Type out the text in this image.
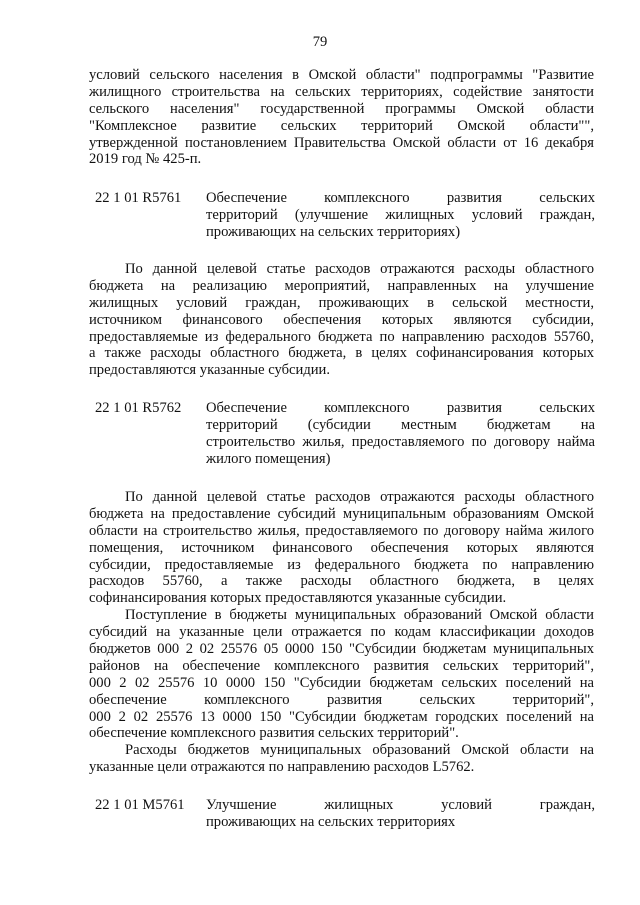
79
условий сельского населения в Омской области" подпрограммы "Развитие
жилищного строительства на сельских территориях, содействие занятости
сельского населения" государственной программы Омской области
"Комплексное развитие сельских территорий Омской области"",
утвержденной постановлением Правительства Омской области от 16 декабря
2019 год № 425-п.
22 1 01 R5761 Обеспечение комплексного развития сельских
территорий (улучшение жилищных условий граждан,
проживающих на сельских территориях)
По данной целевой статье расходов отражаются расходы областного
бюджета на реализацию мероприятий, направленных на улучшение
жилищных условий граждан, проживающих в сельской местности,
источником финансового обеспечения которых являются субсидии,
предоставляемые из федерального бюджета по направлению расходов 55760,
а также расходы областного бюджета, в целях софинансирования которых
предоставляются указанные субсидии.
22 1 01 R5762 Обеспечение комплексного развития сельских
территорий (субсидии местным бюджетам на
строительство жилья, предоставляемого по договору найма
жилого помещения)
По данной целевой статье расходов отражаются расходы областного
бюджета на предоставление субсидий муниципальным образованиям Омской
области на строительство жилья, предоставляемого по договору найма жилого
помещения, источником финансового обеспечения которых являются
субсидии, предоставляемые из федерального бюджета по направлению
расходов 55760, а также расходы областного бюджета, в целях
софинансирования которых предоставляются указанные субсидии.
Поступление в бюджеты муниципальных образований Омской области
субсидий на указанные цели отражается по кодам классификации доходов
бюджетов 000 2 02 25576 05 0000 150 "Субсидии бюджетам муниципальных
районов на обеспечение комплексного развития сельских территорий",
000 2 02 25576 10 0000 150 "Субсидии бюджетам сельских поселений на
обеспечение комплексного развития сельских территорий",
000 2 02 25576 13 0000 150 "Субсидии бюджетам городских поселений на
обеспечение комплексного развития сельских территорий".
Расходы бюджетов муниципальных образований Омской области на
указанные цели отражаются по направлению расходов L5762.
22 1 01 M5761 Улучшение жилищных условий граждан,
проживающих на сельских территориях
